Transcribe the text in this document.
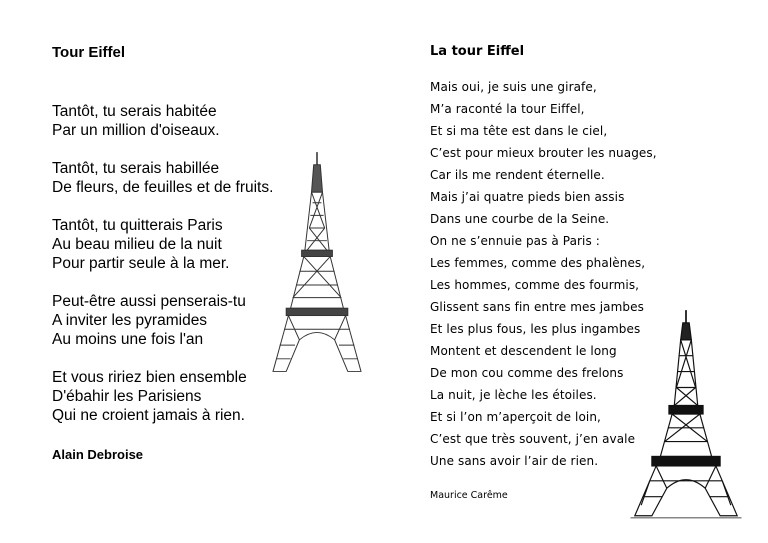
Tour Eiffel
Tantôt, tu serais habitée
Par un million d'oiseaux.
Tantôt, tu serais habillée
De fleurs, de feuilles et de fruits.
Tantôt, tu quitterais Paris
Au beau milieu de la nuit
Pour partir seule à la mer.
Peut-être aussi penserais-tu
A inviter les pyramides
Au moins une fois l'an
Et vous ririez bien ensemble
D'ébahir les Parisiens
Qui ne croient jamais à rien.
Alain Debroise
La tour Eiffel
Mais oui, je suis une girafe,
M’a raconté la tour Eiffel,
Et si ma tête est dans le ciel,
C’est pour mieux brouter les nuages,
Car ils me rendent éternelle.
Mais j’ai quatre pieds bien assis
Dans une courbe de la Seine.
On ne s’ennuie pas à Paris :
Les femmes, comme des phalènes,
Les hommes, comme des fourmis,
Glissent sans fin entre mes jambes
Et les plus fous, les plus ingambes
Montent et descendent le long
De mon cou comme des frelons
La nuit, je lèche les étoiles.
Et si l’on m’aperçoit de loin,
C’est que très souvent, j’en avale
Une sans avoir l’air de rien.
Maurice Carême
